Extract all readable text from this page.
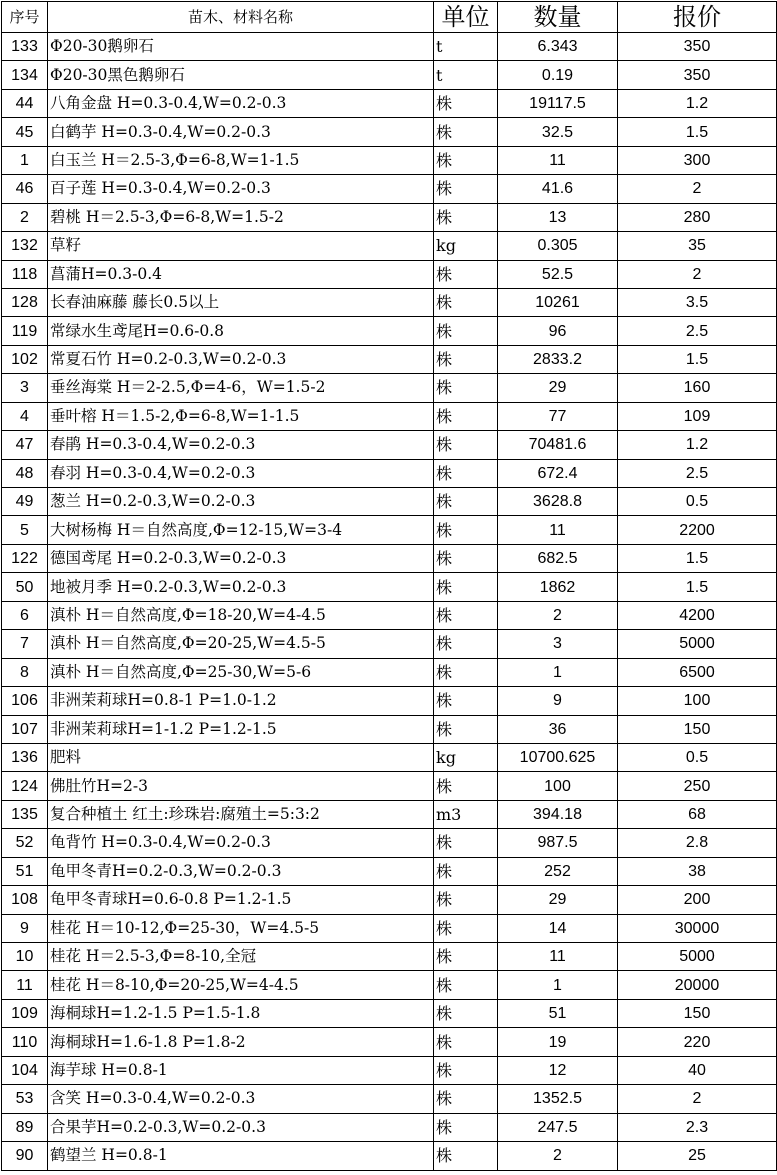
序号	苗木、材料名称	单位	数量	报价
133	Φ20-30鹅卵石	t	6.343	350
134	Φ20-30黑色鹅卵石	t	0.19	350
44	八角金盘 H=0.3-0.4,W=0.2-0.3	株	19117.5	1.2
45	白鹤芋 H=0.3-0.4,W=0.2-0.3	株	32.5	1.5
1	白玉兰 H＝2.5-3,Φ=6-8,W=1-1.5	株	11	300
46	百子莲 H=0.3-0.4,W=0.2-0.3	株	41.6	2
2	碧桃 H＝2.5-3,Φ=6-8,W=1.5-2	株	13	280
132	草籽	kg	0.305	35
118	菖蒲H=0.3-0.4	株	52.5	2
128	长春油麻藤 藤长0.5以上	株	10261	3.5
119	常绿水生鸢尾H=0.6-0.8	株	96	2.5
102	常夏石竹 H=0.2-0.3,W=0.2-0.3	株	2833.2	1.5
3	垂丝海棠 H＝2-2.5,Φ=4-6，W=1.5-2	株	29	160
4	垂叶榕 H＝1.5-2,Φ=6-8,W=1-1.5	株	77	109
47	春鹃 H=0.3-0.4,W=0.2-0.3	株	70481.6	1.2
48	春羽 H=0.3-0.4,W=0.2-0.3	株	672.4	2.5
49	葱兰 H=0.2-0.3,W=0.2-0.3	株	3628.8	0.5
5	大树杨梅 H＝自然高度,Φ=12-15,W=3-4	株	11	2200
122	德国鸢尾 H=0.2-0.3,W=0.2-0.3	株	682.5	1.5
50	地被月季 H=0.2-0.3,W=0.2-0.3	株	1862	1.5
6	滇朴 H＝自然高度,Φ=18-20,W=4-4.5	株	2	4200
7	滇朴 H＝自然高度,Φ=20-25,W=4.5-5	株	3	5000
8	滇朴 H＝自然高度,Φ=25-30,W=5-6	株	1	6500
106	非洲茉莉球H=0.8-1 P=1.0-1.2	株	9	100
107	非洲茉莉球H=1-1.2 P=1.2-1.5	株	36	150
136	肥料	kg	10700.625	0.5
124	佛肚竹H=2-3	株	100	250
135	复合种植土 红土:珍珠岩:腐殖土=5:3:2	m3	394.18	68
52	龟背竹 H=0.3-0.4,W=0.2-0.3	株	987.5	2.8
51	龟甲冬青H=0.2-0.3,W=0.2-0.3	株	252	38
108	龟甲冬青球H=0.6-0.8 P=1.2-1.5	株	29	200
9	桂花 H＝10-12,Φ=25-30，W=4.5-5	株	14	30000
10	桂花 H＝2.5-3,Φ=8-10,全冠	株	11	5000
11	桂花 H＝8-10,Φ=20-25,W=4-4.5	株	1	20000
109	海桐球H=1.2-1.5 P=1.5-1.8	株	51	150
110	海桐球H=1.6-1.8 P=1.8-2	株	19	220
104	海芋球 H=0.8-1	株	12	40
53	含笑 H=0.3-0.4,W=0.2-0.3	株	1352.5	2
89	合果芋H=0.2-0.3,W=0.2-0.3	株	247.5	2.3
90	鹤望兰 H=0.8-1	株	2	25
